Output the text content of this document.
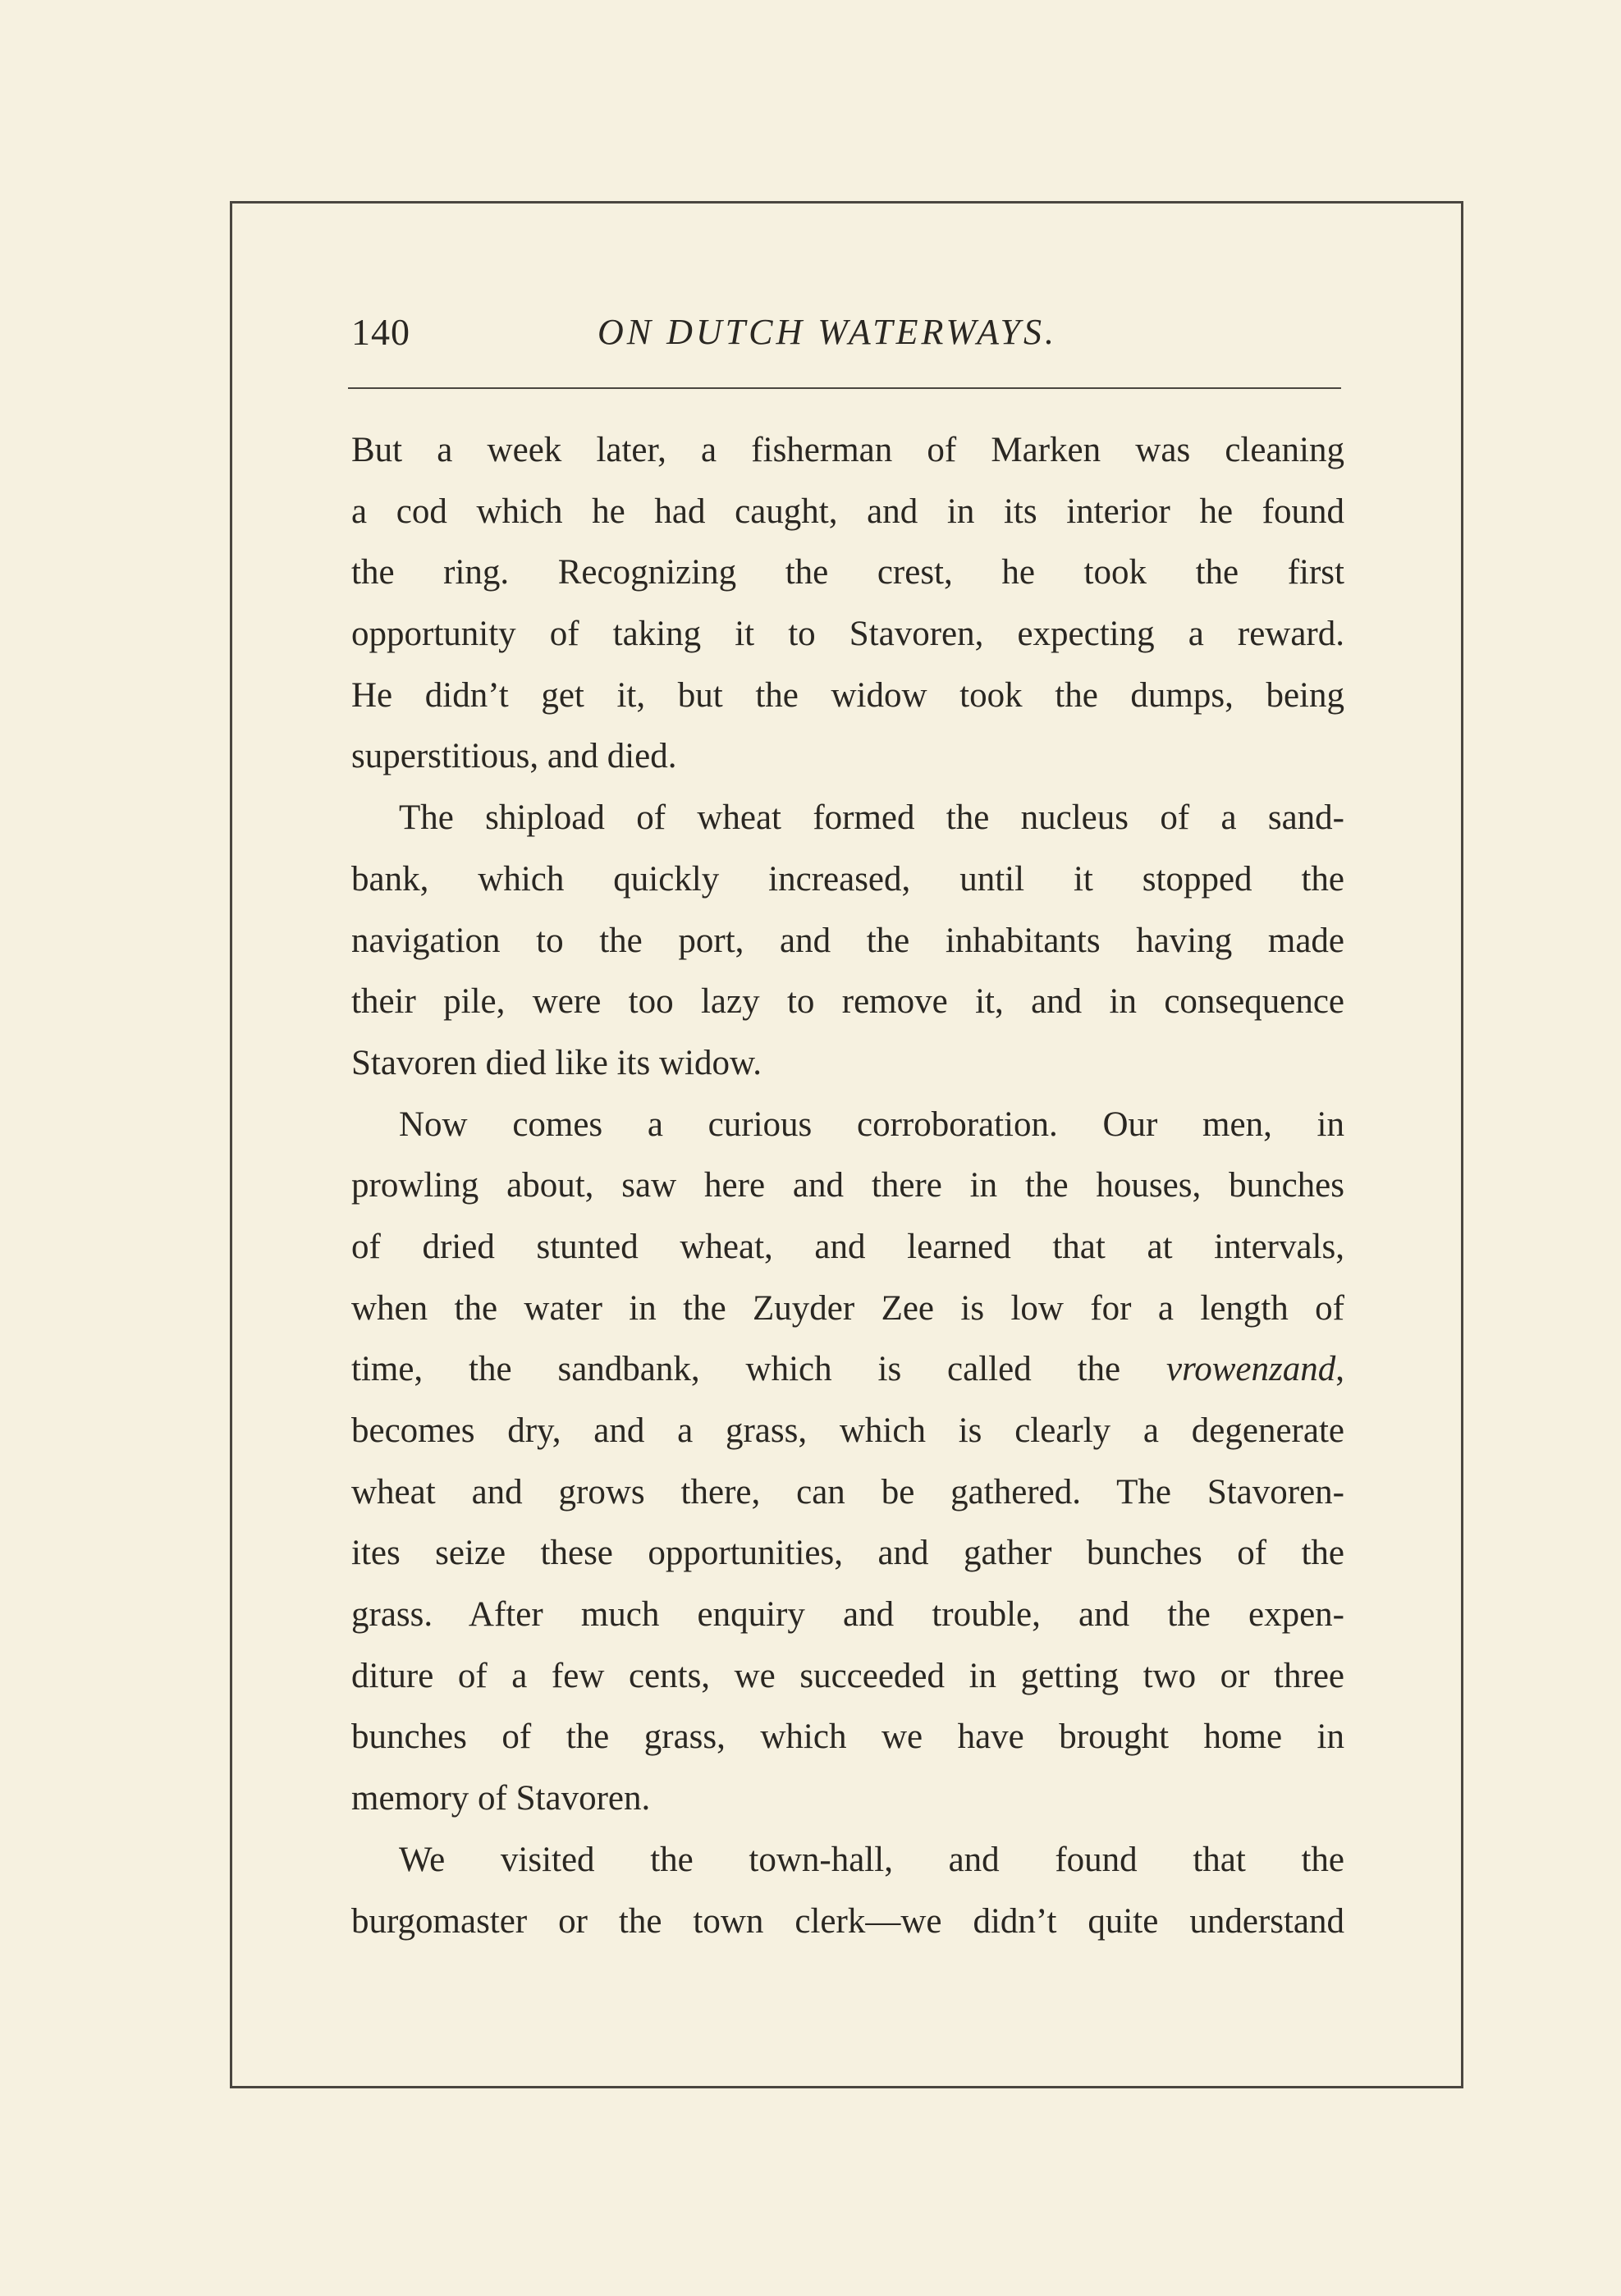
140	ON DUTCH WATERWAYS.
But a week later, a fisherman of Marken was cleaning
a cod which he had caught, and in its interior he found
the ring. Recognizing the crest, he took the first
opportunity of taking it to Stavoren, expecting a reward.
He didn’t get it, but the widow took the dumps, being
superstitious, and died.
The shipload of wheat formed the nucleus of a sand-
bank, which quickly increased, until it stopped the
navigation to the port, and the inhabitants having made
their pile, were too lazy to remove it, and in consequence
Stavoren died like its widow.
Now comes a curious corroboration. Our men, in
prowling about, saw here and there in the houses, bunches
of dried stunted wheat, and learned that at intervals,
when the water in the Zuyder Zee is low for a length of
time, the sandbank, which is called the vrowenzand,
becomes dry, and a grass, which is clearly a degenerate
wheat and grows there, can be gathered. The Stavoren-
ites seize these opportunities, and gather bunches of the
grass. After much enquiry and trouble, and the expen-
diture of a few cents, we succeeded in getting two or three
bunches of the grass, which we have brought home in
memory of Stavoren.
We visited the town-hall, and found that the
burgomaster or the town clerk—we didn’t quite understand
